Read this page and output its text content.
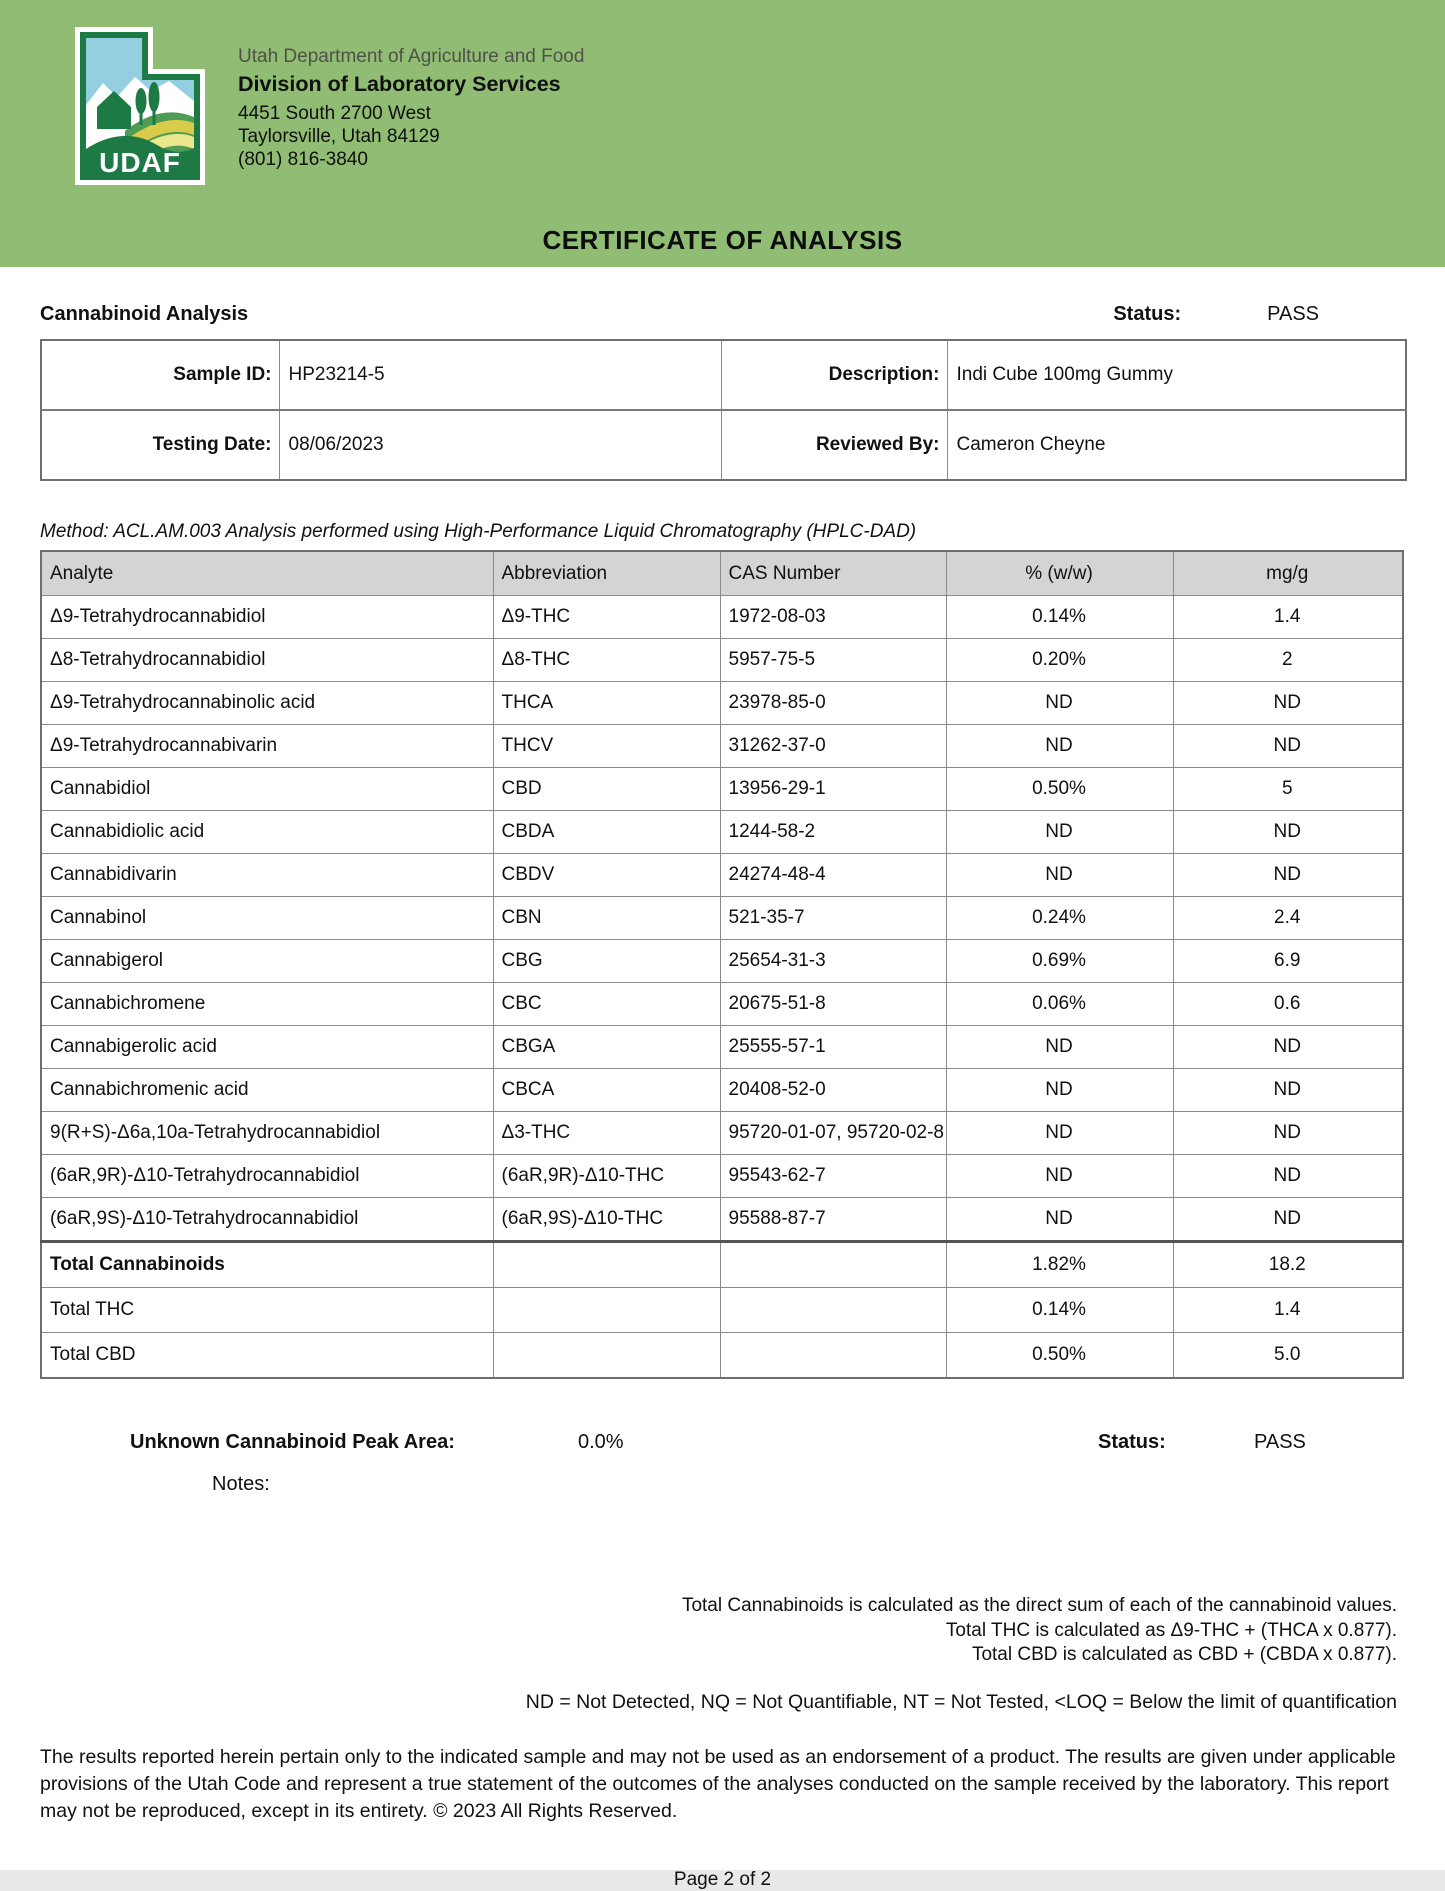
UDAF
Utah Department of Agriculture and Food
Division of Laboratory Services
4451 South 2700 West
Taylorsville, Utah 84129
(801) 816-3840
CERTIFICATE OF ANALYSIS
Cannabinoid Analysis	Status:	PASS
Sample ID:	HP23214-5	Description:	Indi Cube 100mg Gummy
Testing Date:	08/06/2023	Reviewed By:	Cameron Cheyne
Method: ACL.AM.003 Analysis performed using High-Performance Liquid Chromatography (HPLC-DAD)
Analyte	Abbreviation	CAS Number	% (w/w)	mg/g
Δ9-Tetrahydrocannabidiol	Δ9-THC	1972-08-03	0.14%	1.4
Δ8-Tetrahydrocannabidiol	Δ8-THC	5957-75-5	0.20%	2
Δ9-Tetrahydrocannabinolic acid	THCA	23978-85-0	ND	ND
Δ9-Tetrahydrocannabivarin	THCV	31262-37-0	ND	ND
Cannabidiol	CBD	13956-29-1	0.50%	5
Cannabidiolic acid	CBDA	1244-58-2	ND	ND
Cannabidivarin	CBDV	24274-48-4	ND	ND
Cannabinol	CBN	521-35-7	0.24%	2.4
Cannabigerol	CBG	25654-31-3	0.69%	6.9
Cannabichromene	CBC	20675-51-8	0.06%	0.6
Cannabigerolic acid	CBGA	25555-57-1	ND	ND
Cannabichromenic acid	CBCA	20408-52-0	ND	ND
9(R+S)-Δ6a,10a-Tetrahydrocannabidiol	Δ3-THC	95720-01-07, 95720-02-8	ND	ND
(6aR,9R)-Δ10-Tetrahydrocannabidiol	(6aR,9R)-Δ10-THC	95543-62-7	ND	ND
(6aR,9S)-Δ10-Tetrahydrocannabidiol	(6aR,9S)-Δ10-THC	95588-87-7	ND	ND
Total Cannabinoids			1.82%	18.2
Total THC			0.14%	1.4
Total CBD			0.50%	5.0
Unknown Cannabinoid Peak Area:	0.0%	Status:	PASS
Notes:
Total Cannabinoids is calculated as the direct sum of each of the cannabinoid values.
Total THC is calculated as Δ9-THC + (THCA x 0.877).
Total CBD is calculated as CBD + (CBDA x 0.877).
ND = Not Detected, NQ = Not Quantifiable, NT = Not Tested, <LOQ = Below the limit of quantification
The results reported herein pertain only to the indicated sample and may not be used as an endorsement of a product. The results are given under applicable provisions of the Utah Code and represent a true statement of the outcomes of the analyses conducted on the sample received by the laboratory. This report may not be reproduced, except in its entirety. © 2023 All Rights Reserved.
Page 2 of 2
